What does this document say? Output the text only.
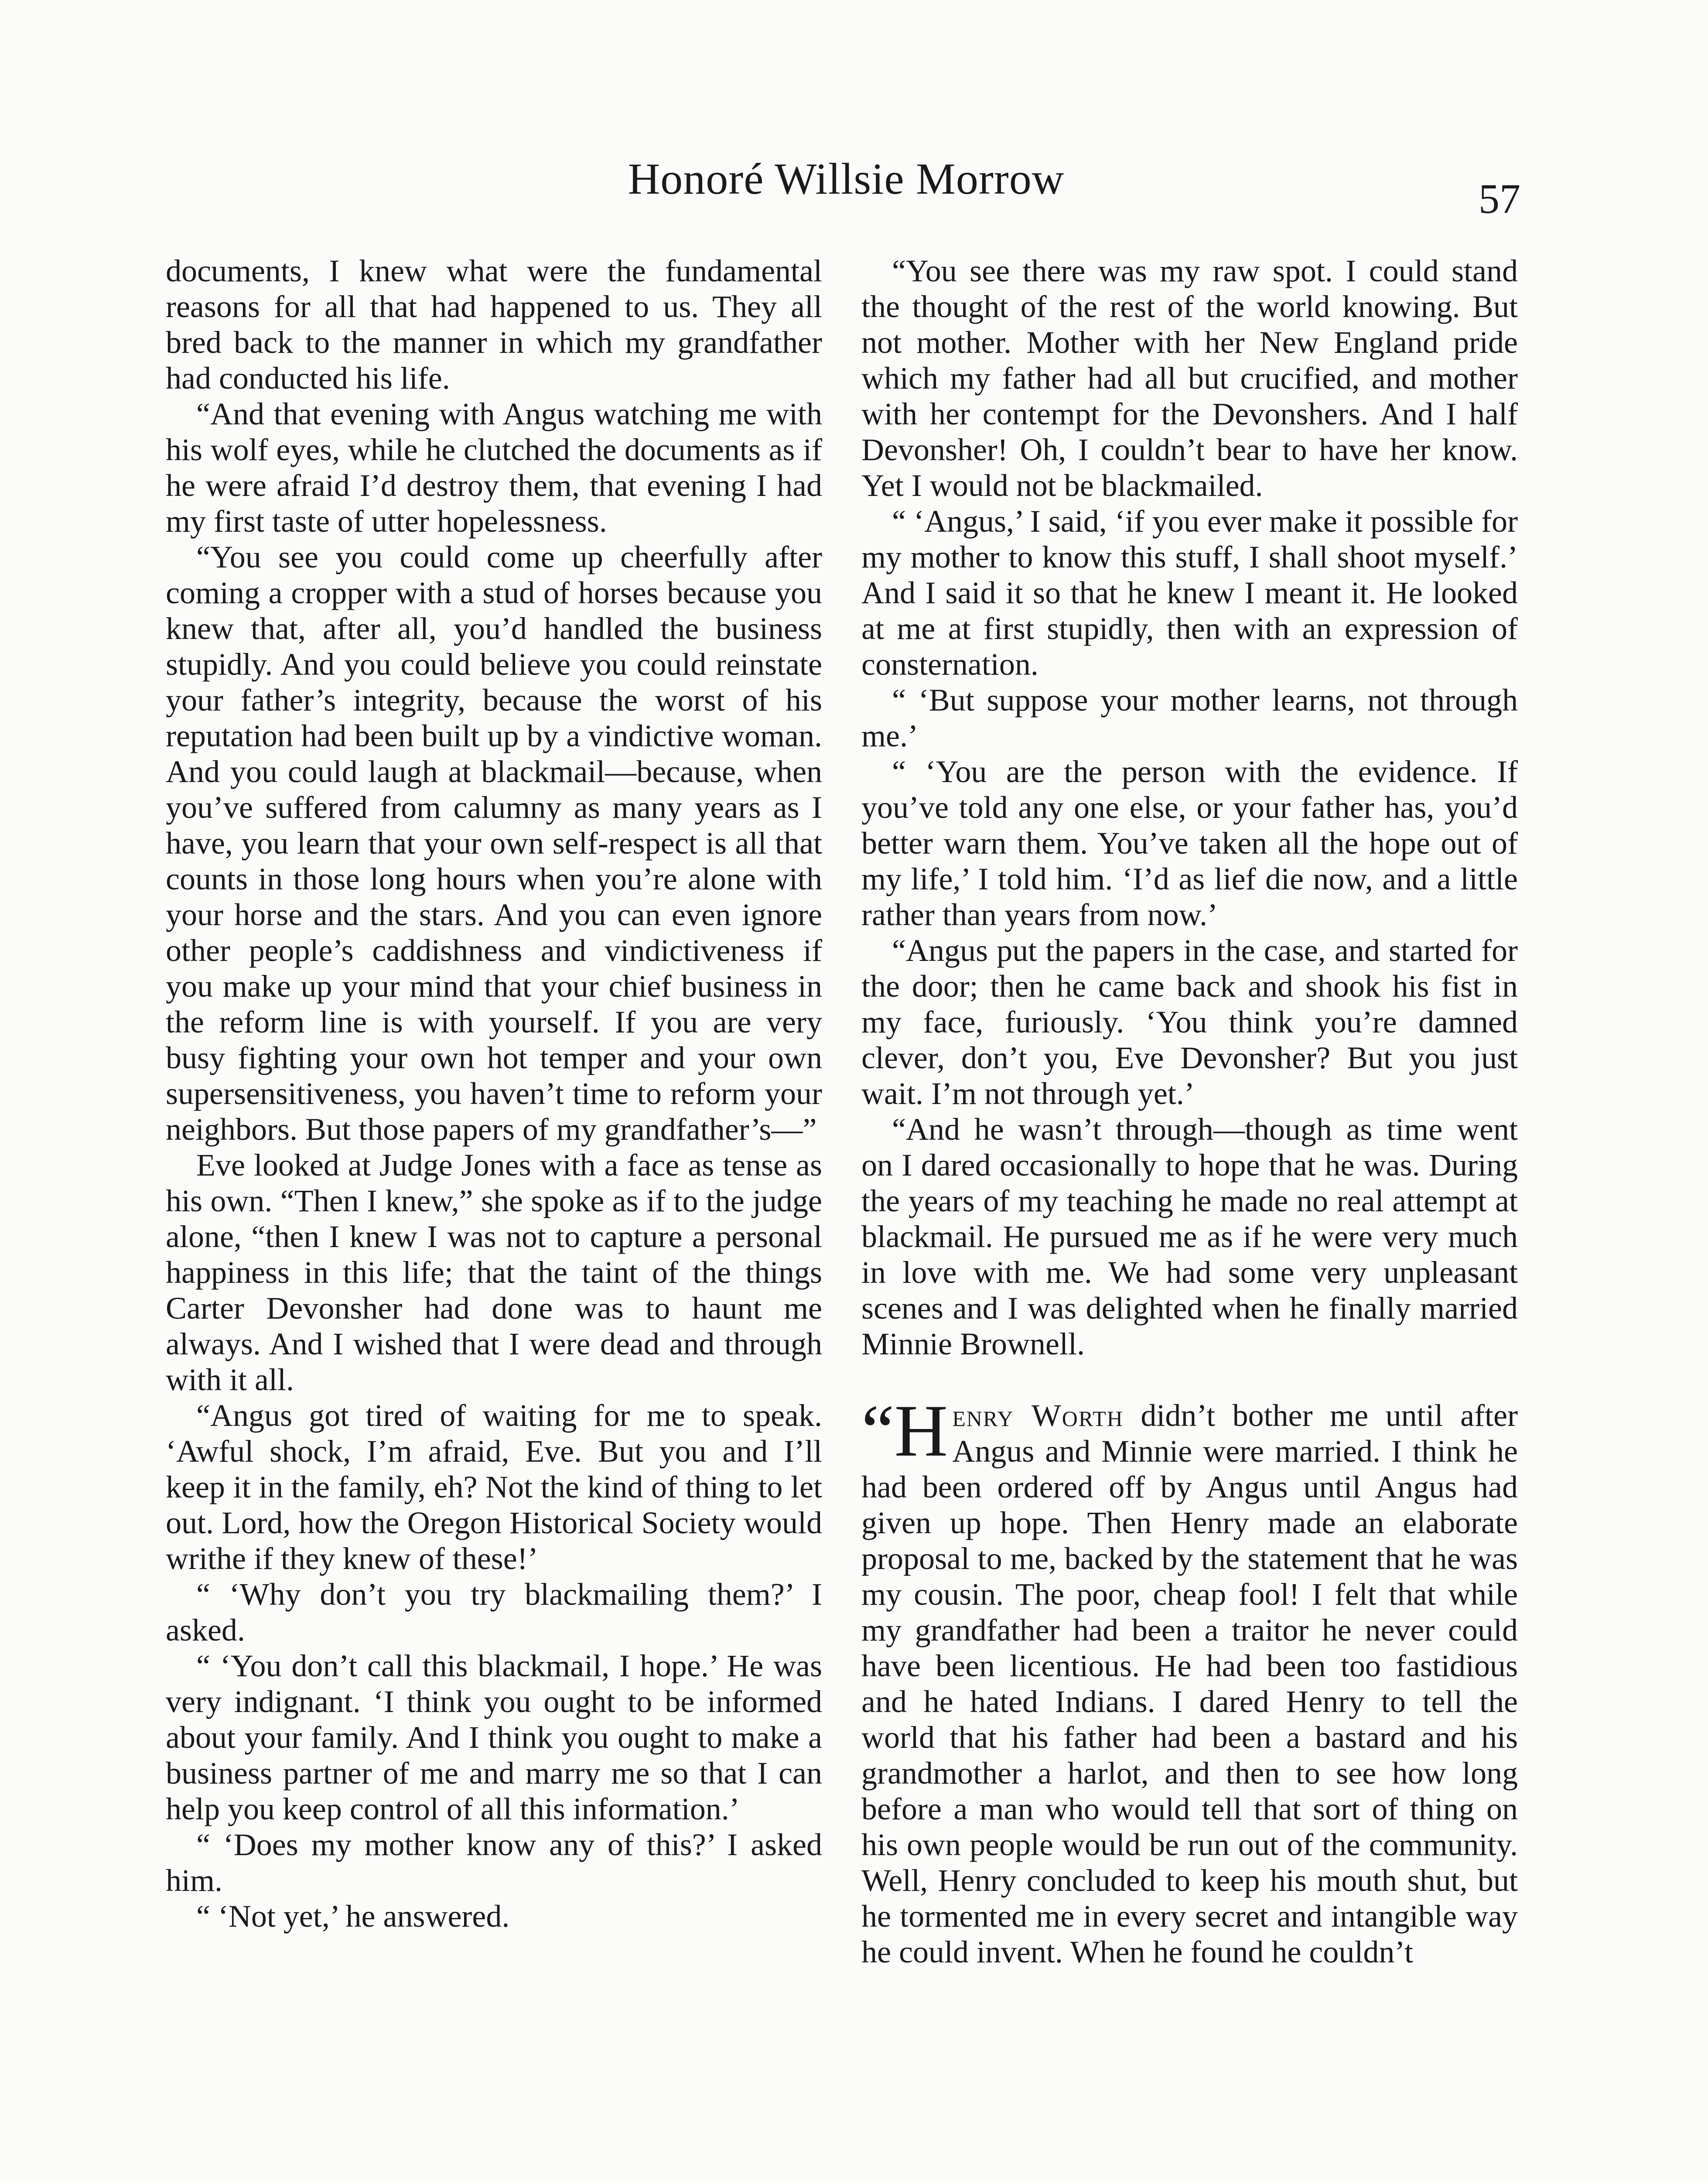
Honoré Willsie Morrow	57

documents, I knew what were the fundamental reasons for all that had happened to us. They all bred back to the manner in which my grandfather had conducted his life.

“And that evening with Angus watching me with his wolf eyes, while he clutched the documents as if he were afraid I’d destroy them, that evening I had my first taste of utter hopelessness.

“You see you could come up cheerfully after coming a cropper with a stud of horses because you knew that, after all, you’d handled the business stupidly. And you could believe you could reinstate your father’s integrity, because the worst of his reputation had been built up by a vindictive woman. And you could laugh at blackmail—because, when you’ve suffered from calumny as many years as I have, you learn that your own self-respect is all that counts in those long hours when you’re alone with your horse and the stars. And you can even ignore other people’s caddishness and vindictiveness if you make up your mind that your chief business in the reform line is with yourself. If you are very busy fighting your own hot temper and your own supersensitiveness, you haven’t time to reform your neighbors. But those papers of my grandfather’s—”

Eve looked at Judge Jones with a face as tense as his own. “Then I knew,” she spoke as if to the judge alone, “then I knew I was not to capture a personal happiness in this life; that the taint of the things Carter Devonsher had done was to haunt me always. And I wished that I were dead and through with it all.

“Angus got tired of waiting for me to speak. ‘Awful shock, I’m afraid, Eve. But you and I’ll keep it in the family, eh? Not the kind of thing to let out. Lord, how the Oregon Historical Society would writhe if they knew of these!’

“ ‘Why don’t you try blackmailing them?’ I asked.

“ ‘You don’t call this blackmail, I hope.’ He was very indignant. ‘I think you ought to be informed about your family. And I think you ought to make a business partner of me and marry me so that I can help you keep control of all this information.’

“ ‘Does my mother know any of this?’ I asked him.

“ ‘Not yet,’ he answered.

“You see there was my raw spot. I could stand the thought of the rest of the world knowing. But not mother. Mother with her New England pride which my father had all but crucified, and mother with her contempt for the Devonshers. And I half Devonsher! Oh, I couldn’t bear to have her know. Yet I would not be blackmailed.

“ ‘Angus,’ I said, ‘if you ever make it possible for my mother to know this stuff, I shall shoot myself.’ And I said it so that he knew I meant it. He looked at me at first stupidly, then with an expression of consternation.

“ ‘But suppose your mother learns, not through me.’

“ ‘You are the person with the evidence. If you’ve told any one else, or your father has, you’d better warn them. You’ve taken all the hope out of my life,’ I told him. ‘I’d as lief die now, and a little rather than years from now.’

“Angus put the papers in the case, and started for the door; then he came back and shook his fist in my face, furiously. ‘You think you’re damned clever, don’t you, Eve Devonsher? But you just wait. I’m not through yet.’

“And he wasn’t through—though as time went on I dared occasionally to hope that he was. During the years of my teaching he made no real attempt at blackmail. He pursued me as if he were very much in love with me. We had some very unpleasant scenes and I was delighted when he finally married Minnie Brownell.

“H enry Worth didn’t bother me until after Angus and Minnie were married. I think he had been ordered off by Angus until Angus had given up hope. Then Henry made an elaborate proposal to me, backed by the statement that he was my cousin. The poor, cheap fool! I felt that while my grandfather had been a traitor he never could have been licentious. He had been too fastidious and he hated Indians. I dared Henry to tell the world that his father had been a bastard and his grandmother a harlot, and then to see how long before a man who would tell that sort of thing on his own people would be run out of the community. Well, Henry concluded to keep his mouth shut, but he tormented me in every secret and intangible way he could invent. When he found he couldn’t
